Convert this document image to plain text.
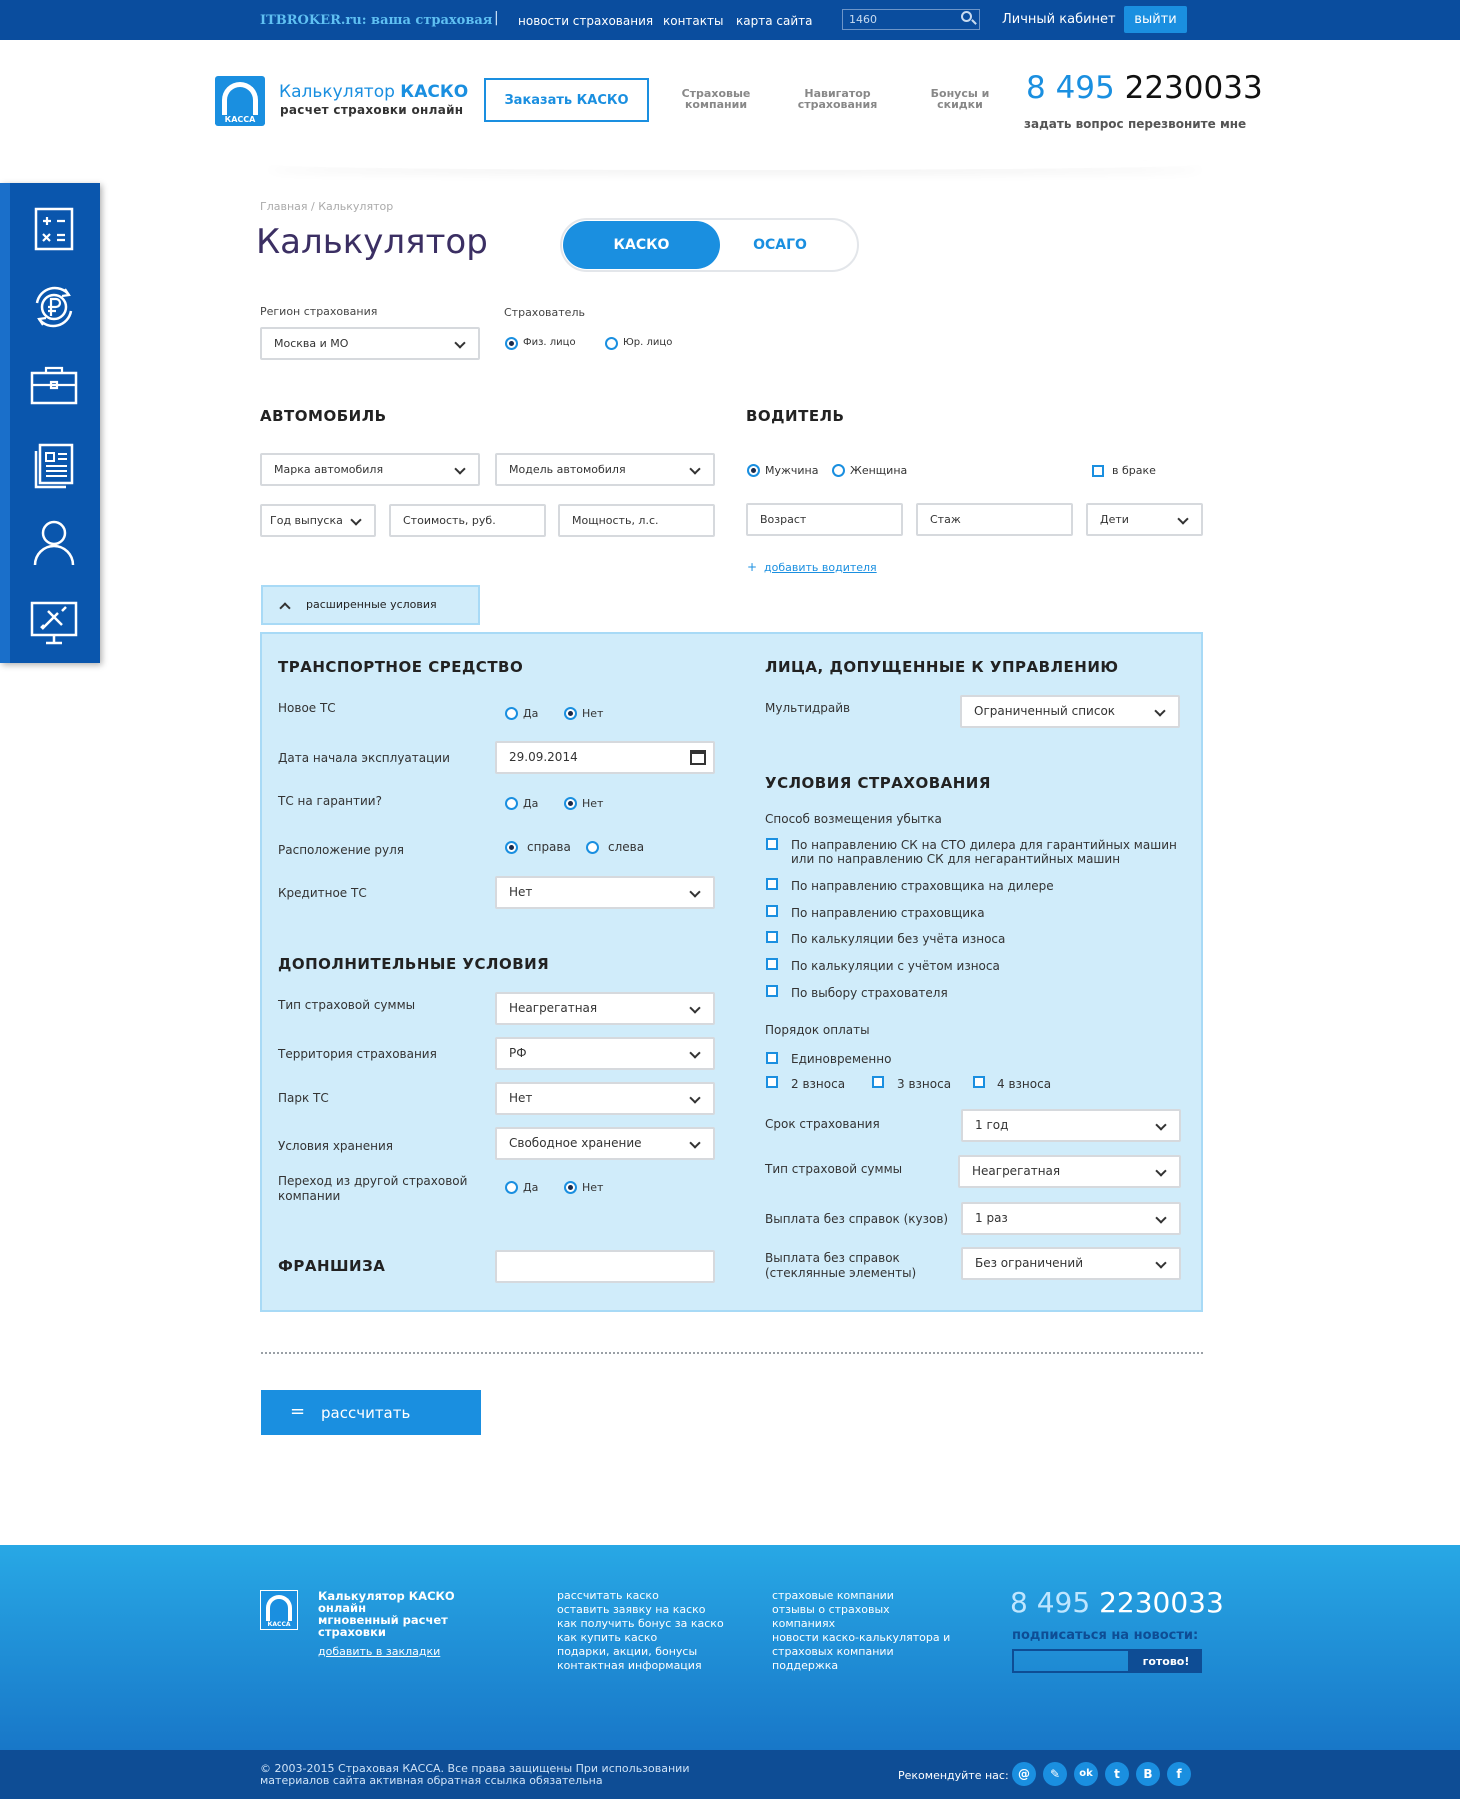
ITBROKER.ru: ваша страховая | новости страхования контакты карта сайта
1460	Личный кабинет	выйти
КАССА
Калькулятор КАСКО
расчет страховки онлайн
Заказать КАСКО	Страховые
компании
Навигатор
страхования
Бонусы и
скидки	8 495 2230033
задать вопрос перезвоните мне
Главная / Калькулятор
Калькулятор	КАСКО	ОСАГО
Регион страхования
Москва и МО
Страхователь
Физ. лицо	Юр. лицо
АВТОМОБИЛЬ
Марка автомобиля	Модель автомобиля
Год выпуска	Стоимость, руб.	Мощность, л.с.
ВОДИТЕЛЬ
Мужчина	Женщина	в браке
Возраст	Стаж	Дети
+ добавить водителя
расширенные условия
ТРАНСПОРТНОЕ СРЕДСТВО
Новое ТС	Да	Нет
Дата начала эксплуатации	29.09.2014
ТС на гарантии?	Да	Нет
Расположение руля	справа	слева
Кредитное ТС	Нет
ДОПОЛНИТЕЛЬНЫЕ УСЛОВИЯ
Тип страховой суммы	Неагрегатная
Территория страхования	РФ
Парк ТС	Нет
Условия хранения	Свободное хранение
Переход из другой страховой
компании
Да	Нет
ФРАНШИЗА
ЛИЦА, ДОПУЩЕННЫЕ К УПРАВЛЕНИЮ
Мультидрайв	Ограниченный список
УСЛОВИЯ СТРАХОВАНИЯ
Способ возмещения убытка
По направлению СК на СТО дилера для гарантийных машин
или по направлению СК для негарантийных машин
По направлению страховщика на дилере
По направлению страховщика
По калькуляции без учёта износа
По калькуляции с учётом износа
По выбору страхователя
Порядок оплаты
Единовременно
2 взноса	3 взноса	4 взноса
Срок страхования	1 год
Тип страховой суммы	Неагрегатная
Выплата без справок (кузов)	1 раз
Выплата без справок
(стеклянные элементы)
Без ограничений
= рассчитать
КАССА
Калькулятор КАСКО
онлайн
мгновенный расчет
страховки
добавить в закладки
рассчитать каско
оставить заявку на каско
как получить бонус за каско
как купить каско
подарки, акции, бонусы
контактная информация
страховые компании
отзывы о страховых
компаниях
новости каско-калькулятора и
страховых компании
поддержка
8 495 2230033
подписаться на новости:
готово!
© 2003-2015 Страховая КАССА. Все права защищены При использовании
материалов сайта активная обратная ссылка обязательна	Рекомендуйте нас: @	✎	ok	t	В	f
